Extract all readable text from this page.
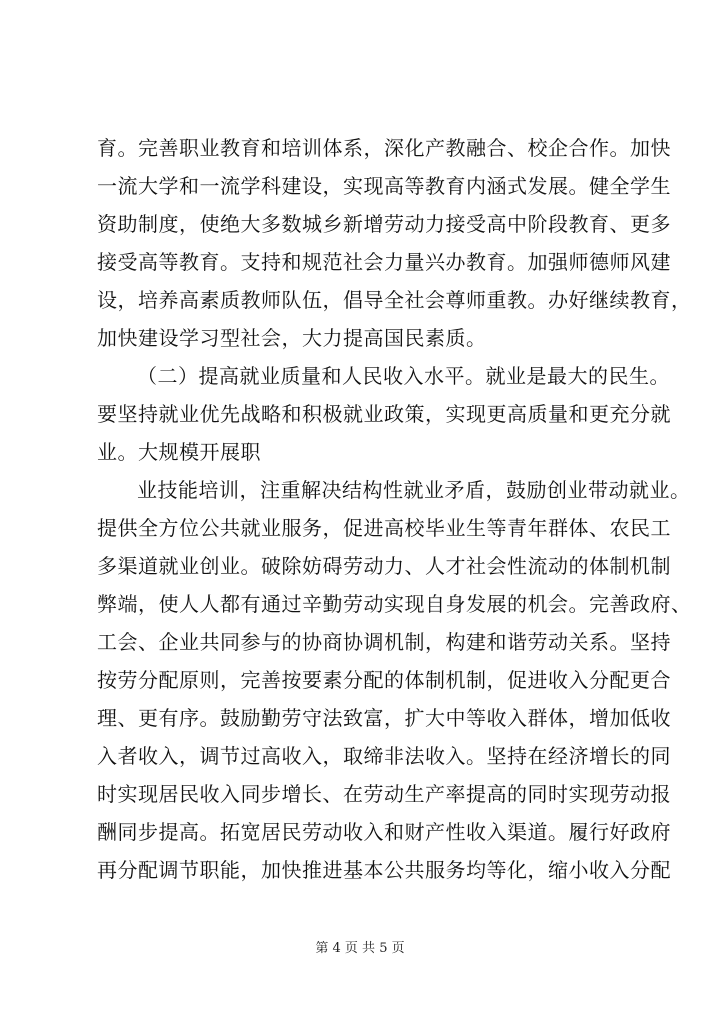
育。完善职业教育和培训体系，深化产教融合、校企合作。加快
一流大学和一流学科建设，实现高等教育内涵式发展。健全学生
资助制度，使绝大多数城乡新增劳动力接受高中阶段教育、更多
接受高等教育。支持和规范社会力量兴办教育。加强师德师风建
设，培养高素质教师队伍，倡导全社会尊师重教。办好继续教育，
加快建设学习型社会，大力提高国民素质。
（二）提高就业质量和人民收入水平。就业是最大的民生。
要坚持就业优先战略和积极就业政策，实现更高质量和更充分就
业。大规模开展职
业技能培训，注重解决结构性就业矛盾，鼓励创业带动就业。
提供全方位公共就业服务，促进高校毕业生等青年群体、农民工
多渠道就业创业。破除妨碍劳动力、人才社会性流动的体制机制
弊端，使人人都有通过辛勤劳动实现自身发展的机会。完善政府、
工会、企业共同参与的协商协调机制，构建和谐劳动关系。坚持
按劳分配原则，完善按要素分配的体制机制，促进收入分配更合
理、更有序。鼓励勤劳守法致富，扩大中等收入群体，增加低收
入者收入，调节过高收入，取缔非法收入。坚持在经济增长的同
时实现居民收入同步增长、在劳动生产率提高的同时实现劳动报
酬同步提高。拓宽居民劳动收入和财产性收入渠道。履行好政府
再分配调节职能，加快推进基本公共服务均等化，缩小收入分配
第 4 页 共 5 页
